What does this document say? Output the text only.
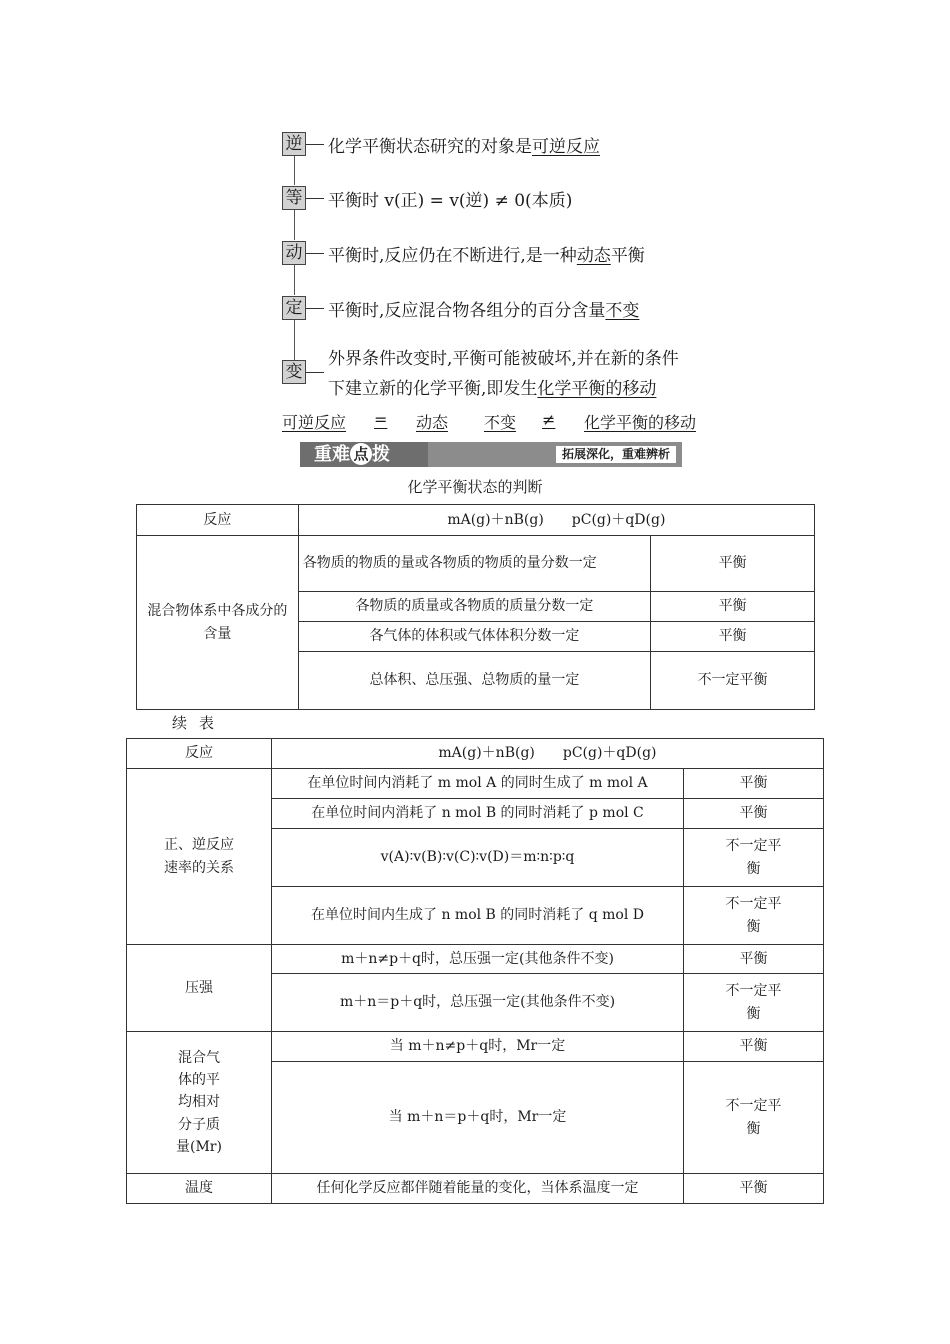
逆 化学平衡状态研究的对象是可逆反应
等 平衡时 v(正) = v(逆) ≠ 0(本质)
动 平衡时,反应仍在不断进行,是一种动态平衡
定 平衡时,反应混合物各组分的百分含量不变
变
外界条件改变时,平衡可能被破坏,并在新的条件
下建立新的化学平衡,即发生化学平衡的移动
可逆反应 = 动态 不变 ≠ 化学平衡的移动
重难 点 拨	拓展深化，重难辨析
化学平衡状态的判断
反应	mA(g)＋nB(g)　　pC(g)＋qD(g)	
混合物体系中各成分的含量	各物质的物质的量或各物质的物质的量分数一定	平衡
	各物质的质量或各物质的质量分数一定	平衡
	各气体的体积或气体体积分数一定	平衡
	总体积、总压强、总物质的量一定	不一定平衡
续表
反应	mA(g)＋nB(g)　　pC(g)＋qD(g)	
正、逆反应速率的关系	在单位时间内消耗了 m mol A 的同时生成了 m mol A	平衡
	在单位时间内消耗了 n mol B 的同时消耗了 p mol C	平衡
	v(A)∶v(B)∶v(C)∶v(D)＝m∶n∶p∶q	不一定平衡
	在单位时间内生成了 n mol B 的同时消耗了 q mol D	不一定平衡
压强	m＋n≠p＋q时，总压强一定(其他条件不变)	平衡
	m＋n＝p＋q时，总压强一定(其他条件不变)	不一定平衡
混合气体的平均相对分子质量(Mr)	当 m＋n≠p＋q时，Mr一定	平衡
	当 m＋n＝p＋q时，Mr一定	不一定平衡
温度	任何化学反应都伴随着能量的变化，当体系温度一定	平衡
